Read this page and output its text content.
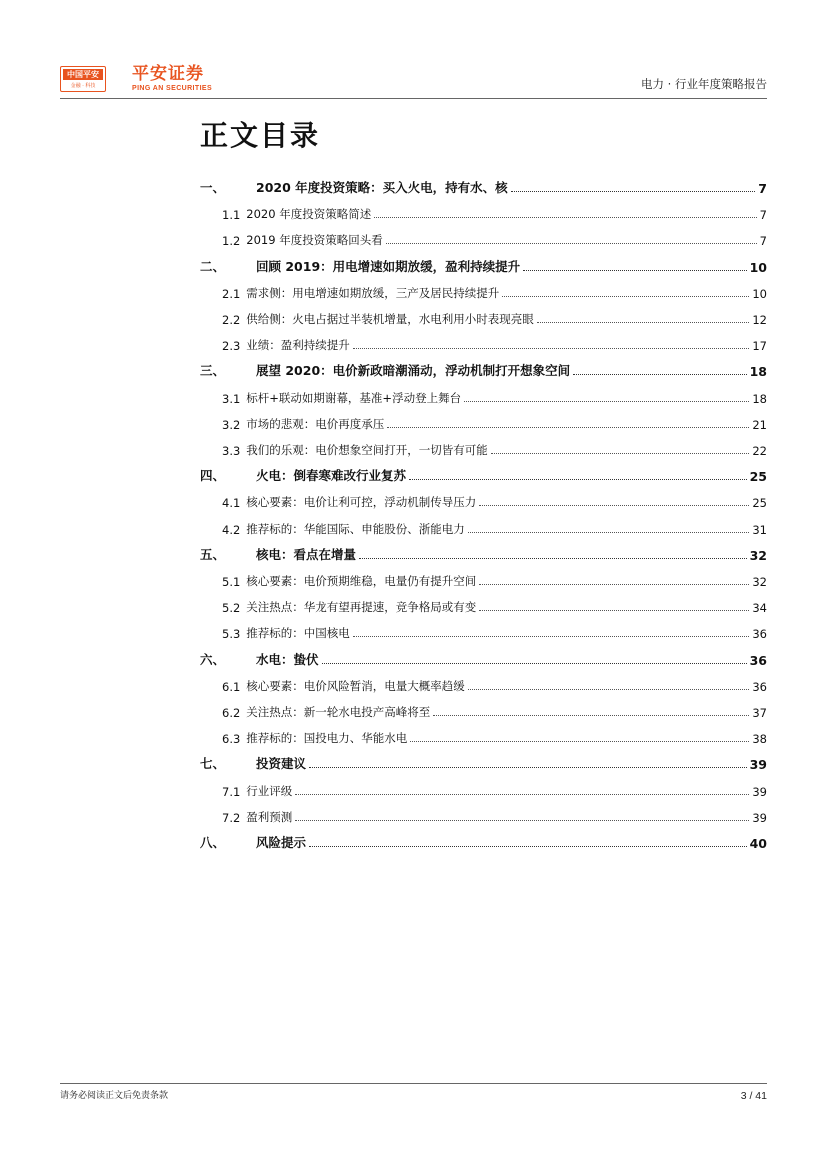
中国平安
金融 · 科技
平安证券
PING AN SECURITIES	电力 · 行业年度策略报告
正文目录
一、	2020 年度投资策略：买入火电，持有水、核	7
1.1 2020 年度投资策略简述	7
1.2 2019 年度投资策略回头看	7
二、	回顾 2019：用电增速如期放缓，盈利持续提升	10
2.1 需求侧：用电增速如期放缓，三产及居民持续提升	10
2.2 供给侧：火电占据过半装机增量，水电利用小时表现亮眼	12
2.3 业绩：盈利持续提升	17
三、	展望 2020：电价新政暗潮涌动，浮动机制打开想象空间	18
3.1 标杆+联动如期谢幕，基准+浮动登上舞台	18
3.2 市场的悲观：电价再度承压	21
3.3 我们的乐观：电价想象空间打开，一切皆有可能	22
四、	火电：倒春寒难改行业复苏	25
4.1 核心要素：电价让利可控，浮动机制传导压力	25
4.2 推荐标的：华能国际、申能股份、浙能电力	31
五、	核电：看点在增量	32
5.1 核心要素：电价预期维稳，电量仍有提升空间	32
5.2 关注热点：华龙有望再提速，竞争格局或有变	34
5.3 推荐标的：中国核电	36
六、	水电：蛰伏	36
6.1 核心要素：电价风险暂消，电量大概率趋缓	36
6.2 关注热点：新一轮水电投产高峰将至	37
6.3 推荐标的：国投电力、华能水电	38
七、	投资建议	39
7.1 行业评级	39
7.2 盈利预测	39
八、	风险提示	40
请务必阅读正文后免责条款	3 / 41
